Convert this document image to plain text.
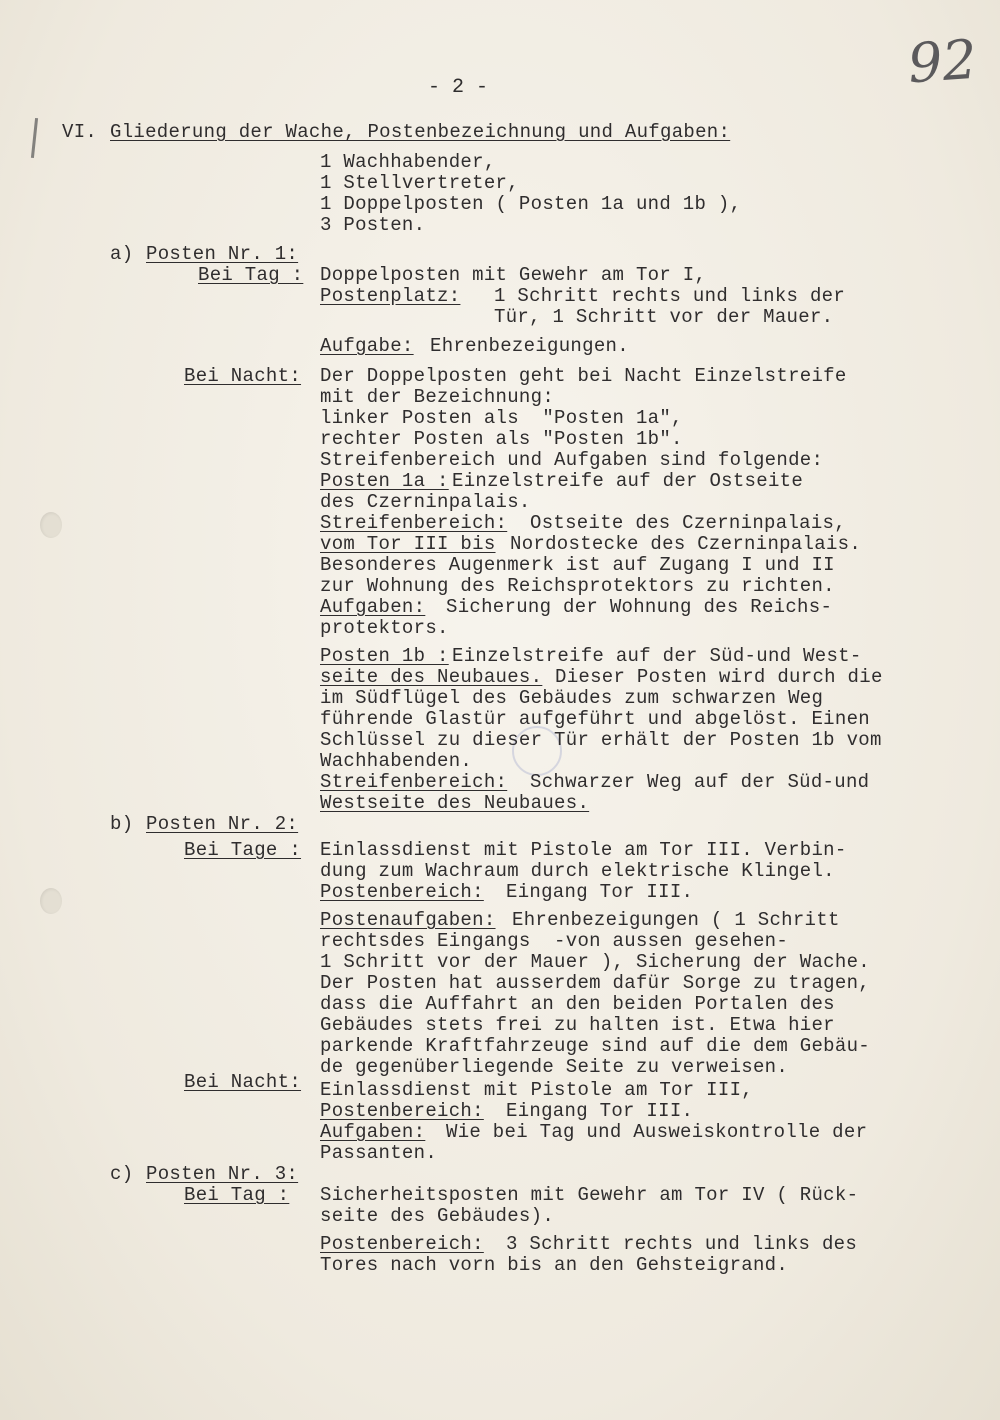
- 2 -	92
VI. Gliederung der Wache, Postenbezeichnung und Aufgaben:
1 Wachhabender,
1 Stellvertreter,
1 Doppelposten ( Posten 1a und 1b ),
3 Posten.
a) Posten Nr. 1:
Bei Tag : Doppelposten mit Gewehr am Tor I,
Postenplatz: 1 Schritt rechts und links der
Tür, 1 Schritt vor der Mauer.
Aufgabe: Ehrenbezeigungen.
Bei Nacht: Der Doppelposten geht bei Nacht Einzelstreife
mit der Bezeichnung:
linker Posten als  "Posten 1a",
rechter Posten als "Posten 1b".
Streifenbereich und Aufgaben sind folgende:
Posten 1a : Einzelstreife auf der Ostseite
des Czerninpalais.
Streifenbereich: Ostseite des Czerninpalais,
vom Tor III bis Nordostecke des Czerninpalais.
Besonderes Augenmerk ist auf Zugang I und II
zur Wohnung des Reichsprotektors zu richten.
Aufgaben: Sicherung der Wohnung des Reichs-
protektors.
Posten 1b : Einzelstreife auf der Süd-und West-
seite des Neubaues. Dieser Posten wird durch die
im Südflügel des Gebäudes zum schwarzen Weg
führende Glastür aufgeführt und abgelöst. Einen
Schlüssel zu dieser Tür erhält der Posten 1b vom
Wachhabenden.
Streifenbereich: Schwarzer Weg auf der Süd-und
Westseite des Neubaues.
b) Posten Nr. 2:
Bei Tage : Einlassdienst mit Pistole am Tor III. Verbin-
dung zum Wachraum durch elektrische Klingel.
Postenbereich: Eingang Tor III.
Postenaufgaben: Ehrenbezeigungen ( 1 Schritt
rechtsdes Eingangs  -von aussen gesehen-
1 Schritt vor der Mauer ), Sicherung der Wache.
Der Posten hat ausserdem dafür Sorge zu tragen,
dass die Auffahrt an den beiden Portalen des
Gebäudes stets frei zu halten ist. Etwa hier
parkende Kraftfahrzeuge sind auf die dem Gebäu-
de gegenüberliegende Seite zu verweisen.
Bei Nacht: Einlassdienst mit Pistole am Tor III,
Postenbereich: Eingang Tor III.
Aufgaben: Wie bei Tag und Ausweiskontrolle der
Passanten.
c) Posten Nr. 3:
Bei Tag : Sicherheitsposten mit Gewehr am Tor IV ( Rück-
seite des Gebäudes).
Postenbereich: 3 Schritt rechts und links des
Tores nach vorn bis an den Gehsteigrand.
